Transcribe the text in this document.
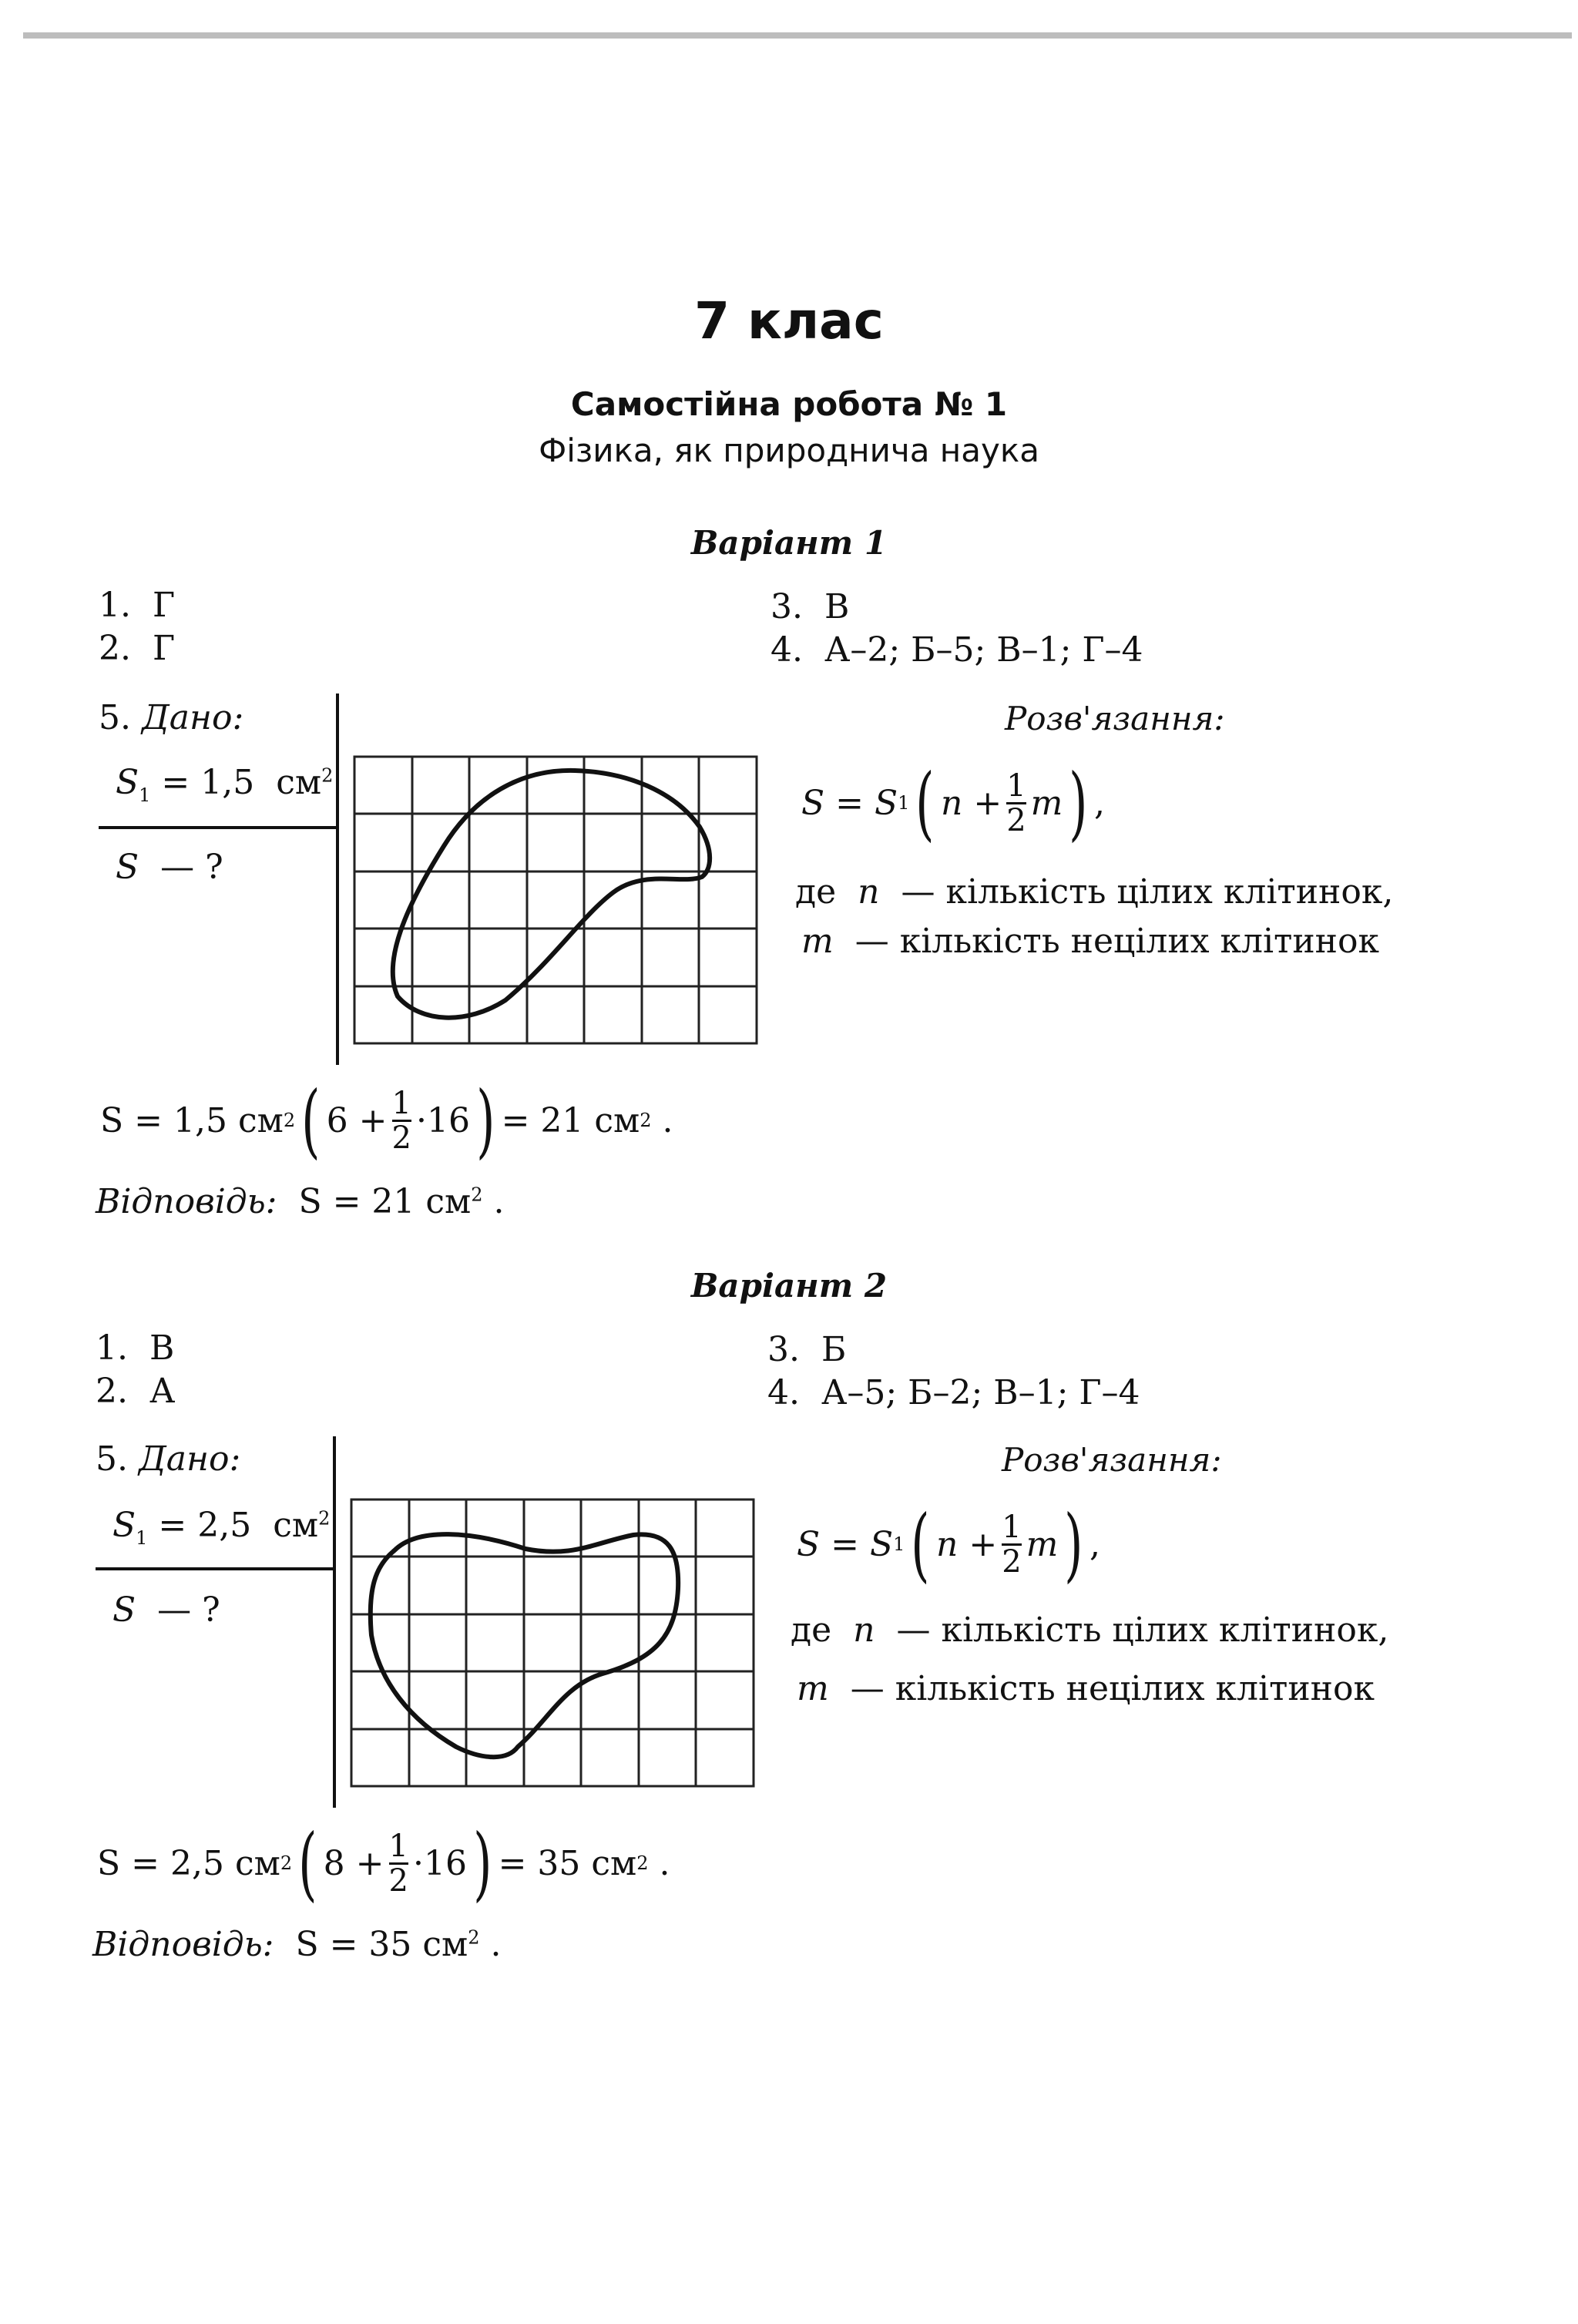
7 клас
Самостійна робота № 1
Фізика, як природнича наука
Варіант 1
1. Г
2. Г
3. В
4. А–2; Б–5; В–1; Г–4
5. Дано:
$S_1 = 1,5$ $см^2$
S — ?
Розв'язання:
S = S 1 ( $n + \frac{1}{2}$ m ) ,
де n — кількість цілих клітинок,
m — кількість нецілих клітинок
S = 1,5 см 2 ( $6 + \frac{1}{2} \cdot 16$ ) = 21 см 2 .
Відповідь: S = 21 $см^2$ .
Варіант 2
1. В
2. А
3. Б
4. А–5; Б–2; В–1; Г–4
5. Дано:
$S_1 = 2,5$ $см^2$
S — ?
Розв'язання:
S = S 1 ( $n + \frac{1}{2}$ m ) ,
де n — кількість цілих клітинок,
m — кількість нецілих клітинок
S = 2,5 см 2 ( $8 + \frac{1}{2} \cdot 16$ ) = 35 см 2 .
Відповідь: S = 35 $см^2$ .
